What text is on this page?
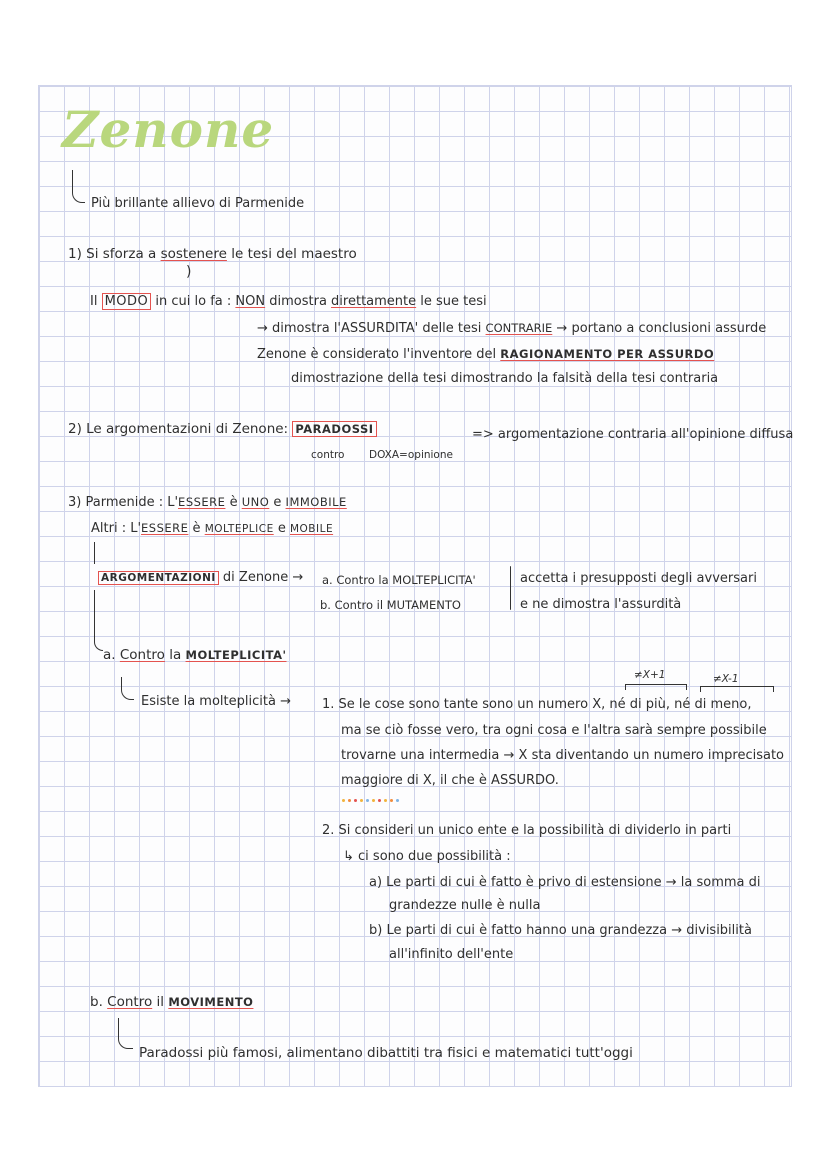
Zenone
Più brillante allievo di Parmenide
1) Si sforza a sostenere le tesi del maestro
)
Il MODO in cui lo fa : NON dimostra direttamente le sue tesi
→ dimostra l'ASSURDITA' delle tesi CONTRARIE → portano a conclusioni assurde
Zenone è considerato l'inventore del RAGIONAMENTO PER ASSURDO
dimostrazione della tesi dimostrando la falsità della tesi contraria
2) Le argomentazioni di Zenone: PARADOSSI	=> argomentazione contraria all'opinione diffusa
contro DOXA=opinione
3) Parmenide : L'ESSERE è UNO e IMMOBILE
Altri : L'ESSERE è MOLTEPLICE e MOBILE
ARGOMENTAZIONI di Zenone → a. Contro la MOLTEPLICITA'
b. Contro il MUTAMENTO
accetta i presupposti degli avversari
e ne dimostra l'assurdità
a. Contro la MOLTEPLICITA'
Esiste la molteplicità →
≠X+1	≠X-1
1. Se le cose sono tante sono un numero X, né di più, né di meno,
ma se ciò fosse vero, tra ogni cosa e l'altra sarà sempre possibile
trovarne una intermedia → X sta diventando un numero imprecisato
maggiore di X, il che è ASSURDO.
2. Si consideri un unico ente e la possibilità di dividerlo in parti
↳ ci sono due possibilità :
a) Le parti di cui è fatto è privo di estensione → la somma di
grandezze nulle è nulla
b) Le parti di cui è fatto hanno una grandezza → divisibilità
all'infinito dell'ente
b. Contro il MOVIMENTO
Paradossi più famosi, alimentano dibattiti tra fisici e matematici tutt'oggi
